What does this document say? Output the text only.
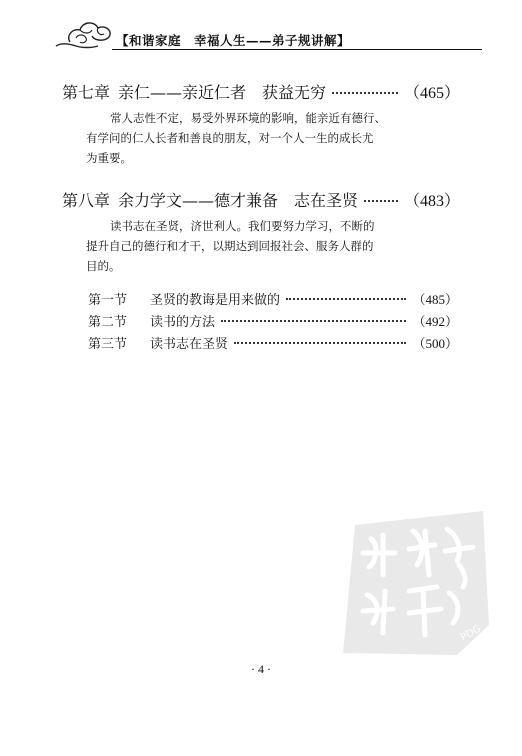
【和谐家庭　幸福人生——弟子规讲解】
第七章 亲仁——亲近仁者　获益无穷	（465）
常人志性不定，易受外界环境的影响，能亲近有德行、
有学问的仁人长者和善良的朋友，对一个人一生的成长尤
为重要。
第八章 余力学文——德才兼备　志在圣贤	（483）
读书志在圣贤，济世利人。我们要努力学习，不断的
提升自己的德行和才干，以期达到回报社会、服务人群的
目的。
第一节	圣贤的教诲是用来做的	（485）
第二节	读书的方法	（492）
第三节	读书志在圣贤	（500）
PDG
· 4 ·
